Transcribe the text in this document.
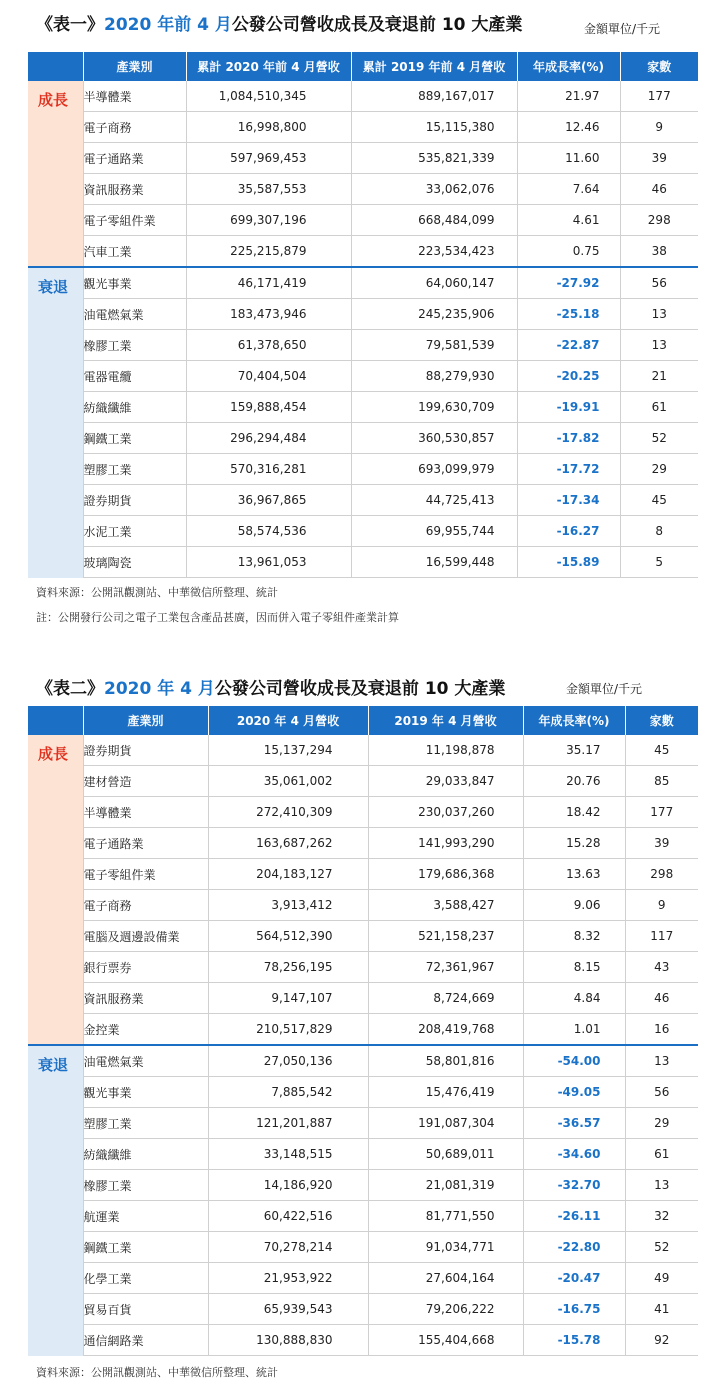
《表一》2020 年前 4 月公發公司營收成長及衰退前 10 大產業	金額單位/千元
	產業別	累計 2020 年前 4 月營收	累計 2019 年前 4 月營收	年成長率(%)	家數
成長	半導體業	1,084,510,345	889,167,017	21.97	177
	電子商務	16,998,800	15,115,380	12.46	9
	電子通路業	597,969,453	535,821,339	11.60	39
	資訊服務業	35,587,553	33,062,076	7.64	46
	電子零組件業	699,307,196	668,484,099	4.61	298
	汽車工業	225,215,879	223,534,423	0.75	38
衰退	觀光事業	46,171,419	64,060,147	-27.92	56
	油電燃氣業	183,473,946	245,235,906	-25.18	13
	橡膠工業	61,378,650	79,581,539	-22.87	13
	電器電纜	70,404,504	88,279,930	-20.25	21
	紡織纖維	159,888,454	199,630,709	-19.91	61
	鋼鐵工業	296,294,484	360,530,857	-17.82	52
	塑膠工業	570,316,281	693,099,979	-17.72	29
	證券期貨	36,967,865	44,725,413	-17.34	45
	水泥工業	58,574,536	69,955,744	-16.27	8
	玻璃陶瓷	13,961,053	16,599,448	-15.89	5
資料來源：公開訊觀測站、中華徵信所整理、統計
註：公開發行公司之電子工業包含產品甚廣，因而併入電子零組件產業計算
《表二》2020 年 4 月公發公司營收成長及衰退前 10 大產業	金額單位/千元
	產業別	2020 年 4 月營收	2019 年 4 月營收	年成長率(%)	家數
成長	證券期貨	15,137,294	11,198,878	35.17	45
	建材營造	35,061,002	29,033,847	20.76	85
	半導體業	272,410,309	230,037,260	18.42	177
	電子通路業	163,687,262	141,993,290	15.28	39
	電子零組件業	204,183,127	179,686,368	13.63	298
	電子商務	3,913,412	3,588,427	9.06	9
	電腦及週邊設備業	564,512,390	521,158,237	8.32	117
	銀行票券	78,256,195	72,361,967	8.15	43
	資訊服務業	9,147,107	8,724,669	4.84	46
	金控業	210,517,829	208,419,768	1.01	16
衰退	油電燃氣業	27,050,136	58,801,816	-54.00	13
	觀光事業	7,885,542	15,476,419	-49.05	56
	塑膠工業	121,201,887	191,087,304	-36.57	29
	紡織纖維	33,148,515	50,689,011	-34.60	61
	橡膠工業	14,186,920	21,081,319	-32.70	13
	航運業	60,422,516	81,771,550	-26.11	32
	鋼鐵工業	70,278,214	91,034,771	-22.80	52
	化學工業	21,953,922	27,604,164	-20.47	49
	貿易百貨	65,939,543	79,206,222	-16.75	41
	通信網路業	130,888,830	155,404,668	-15.78	92
資料來源：公開訊觀測站、中華徵信所整理、統計
